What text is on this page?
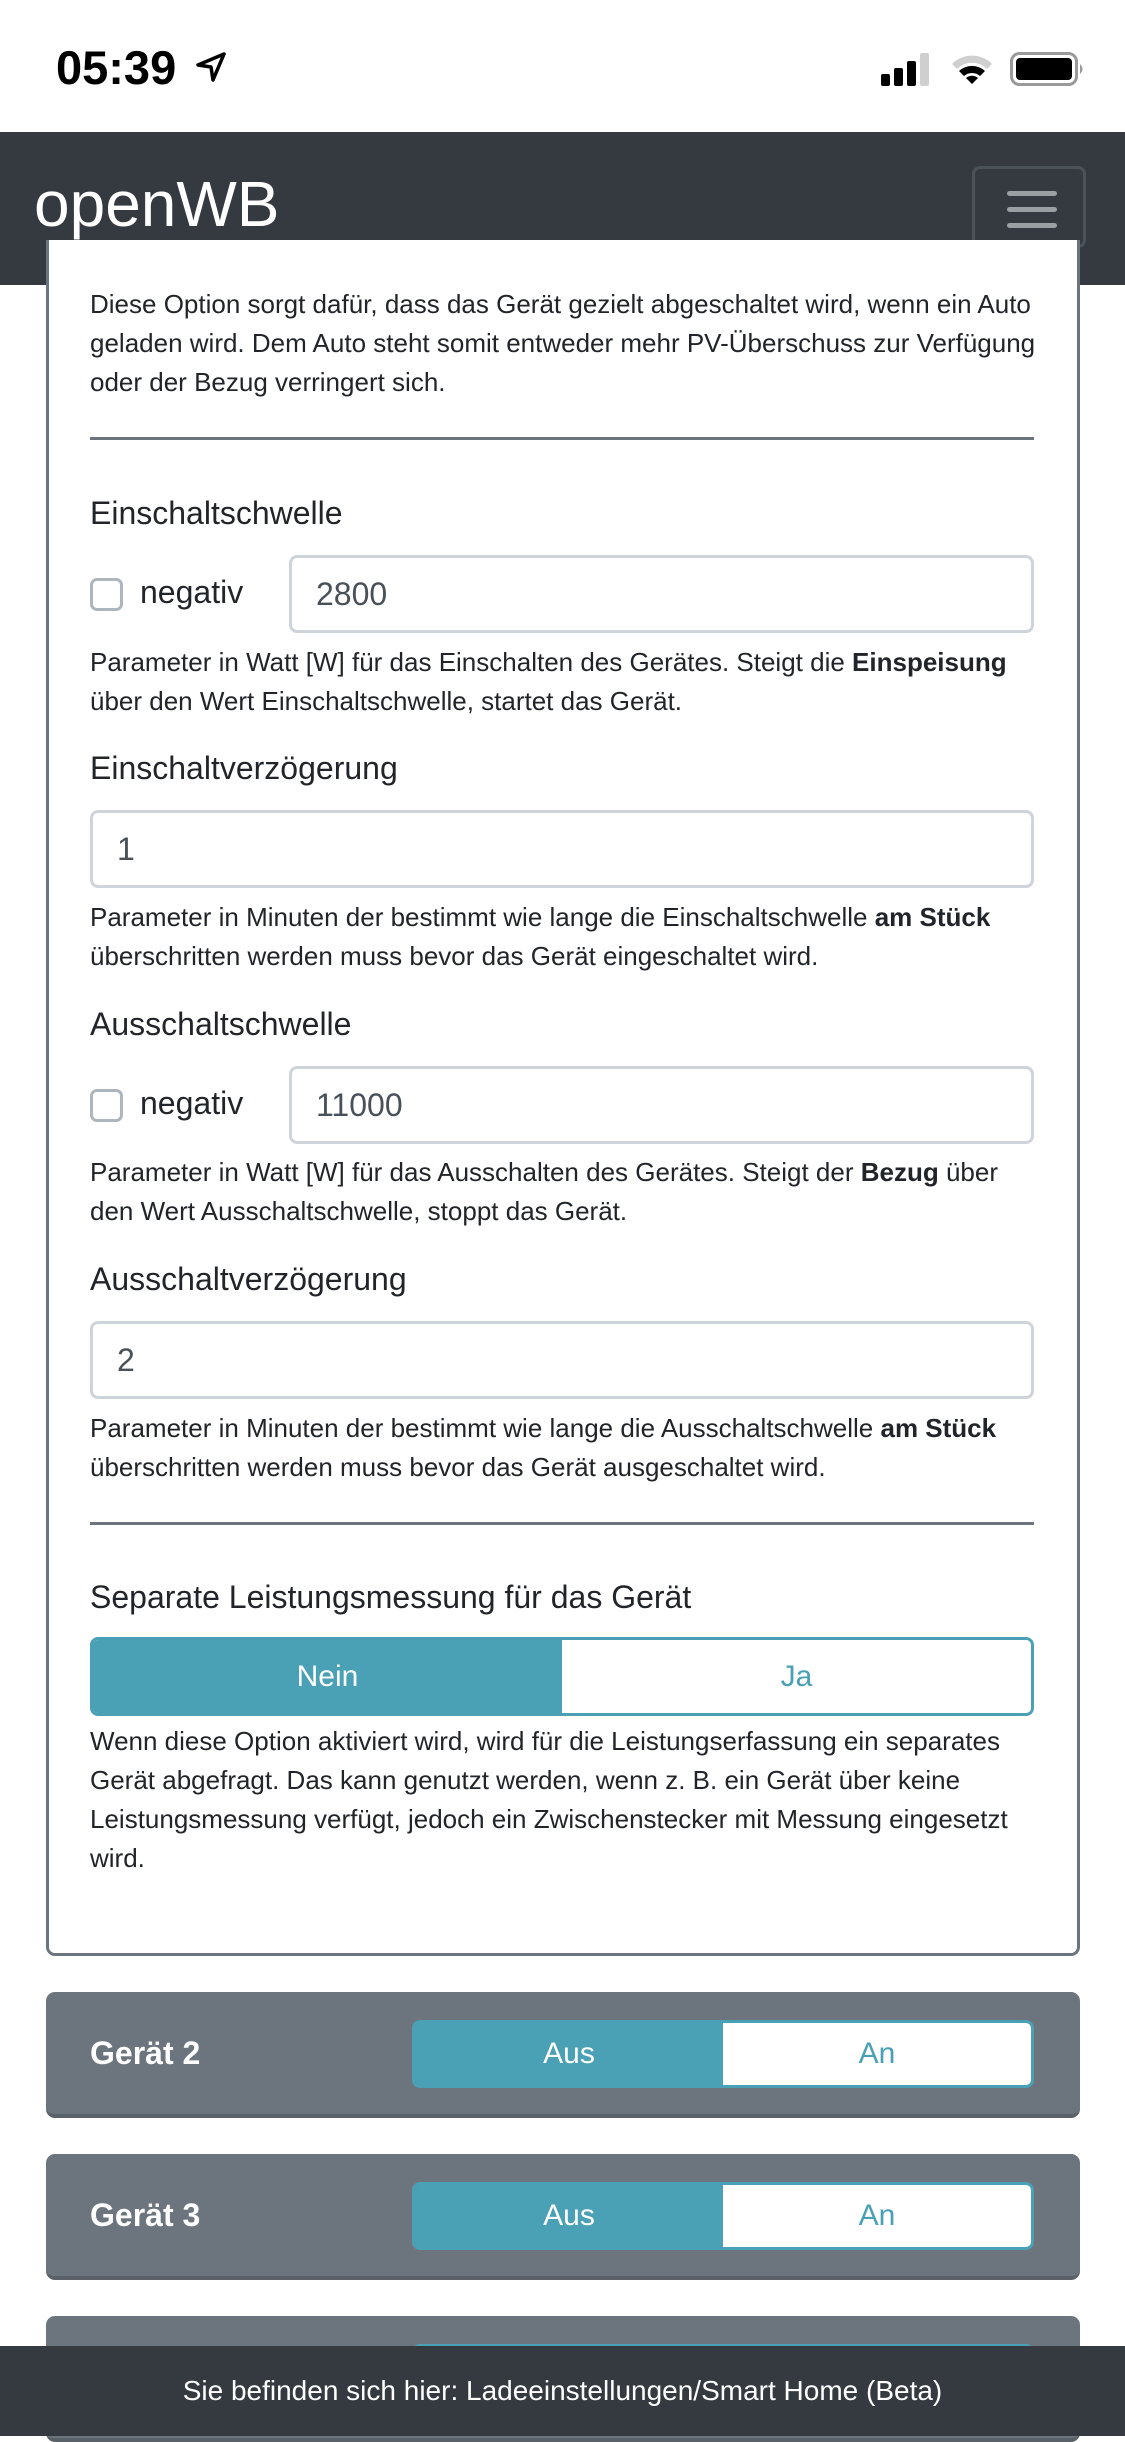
05:39
openWB
Diese Option sorgt dafür, dass das Gerät gezielt abgeschaltet wird, wenn ein Auto geladen wird. Dem Auto steht somit entweder mehr PV-Überschuss zur Verfügung oder der Bezug verringert sich.
Einschaltschwelle
negativ	2800
Parameter in Watt [W] für das Einschalten des Gerätes. Steigt die Einspeisung über den Wert Einschaltschwelle, startet das Gerät.
Einschaltverzögerung
1
Parameter in Minuten der bestimmt wie lange die Einschaltschwelle am Stück überschritten werden muss bevor das Gerät eingeschaltet wird.
Ausschaltschwelle
negativ	11000
Parameter in Watt [W] für das Ausschalten des Gerätes. Steigt der Bezug über den Wert Ausschaltschwelle, stoppt das Gerät.
Ausschaltverzögerung
2
Parameter in Minuten der bestimmt wie lange die Ausschaltschwelle am Stück überschritten werden muss bevor das Gerät ausgeschaltet wird.
Separate Leistungsmessung für das Gerät
Nein	Ja
Wenn diese Option aktiviert wird, wird für die Leistungserfassung ein separates Gerät abgefragt. Das kann genutzt werden, wenn z. B. ein Gerät über keine Leistungsmessung verfügt, jedoch ein Zwischenstecker mit Messung eingesetzt wird.
Gerät 2	Aus	An
Gerät 3	Aus	An
Sie befinden sich hier: Ladeeinstellungen/Smart Home (Beta)
